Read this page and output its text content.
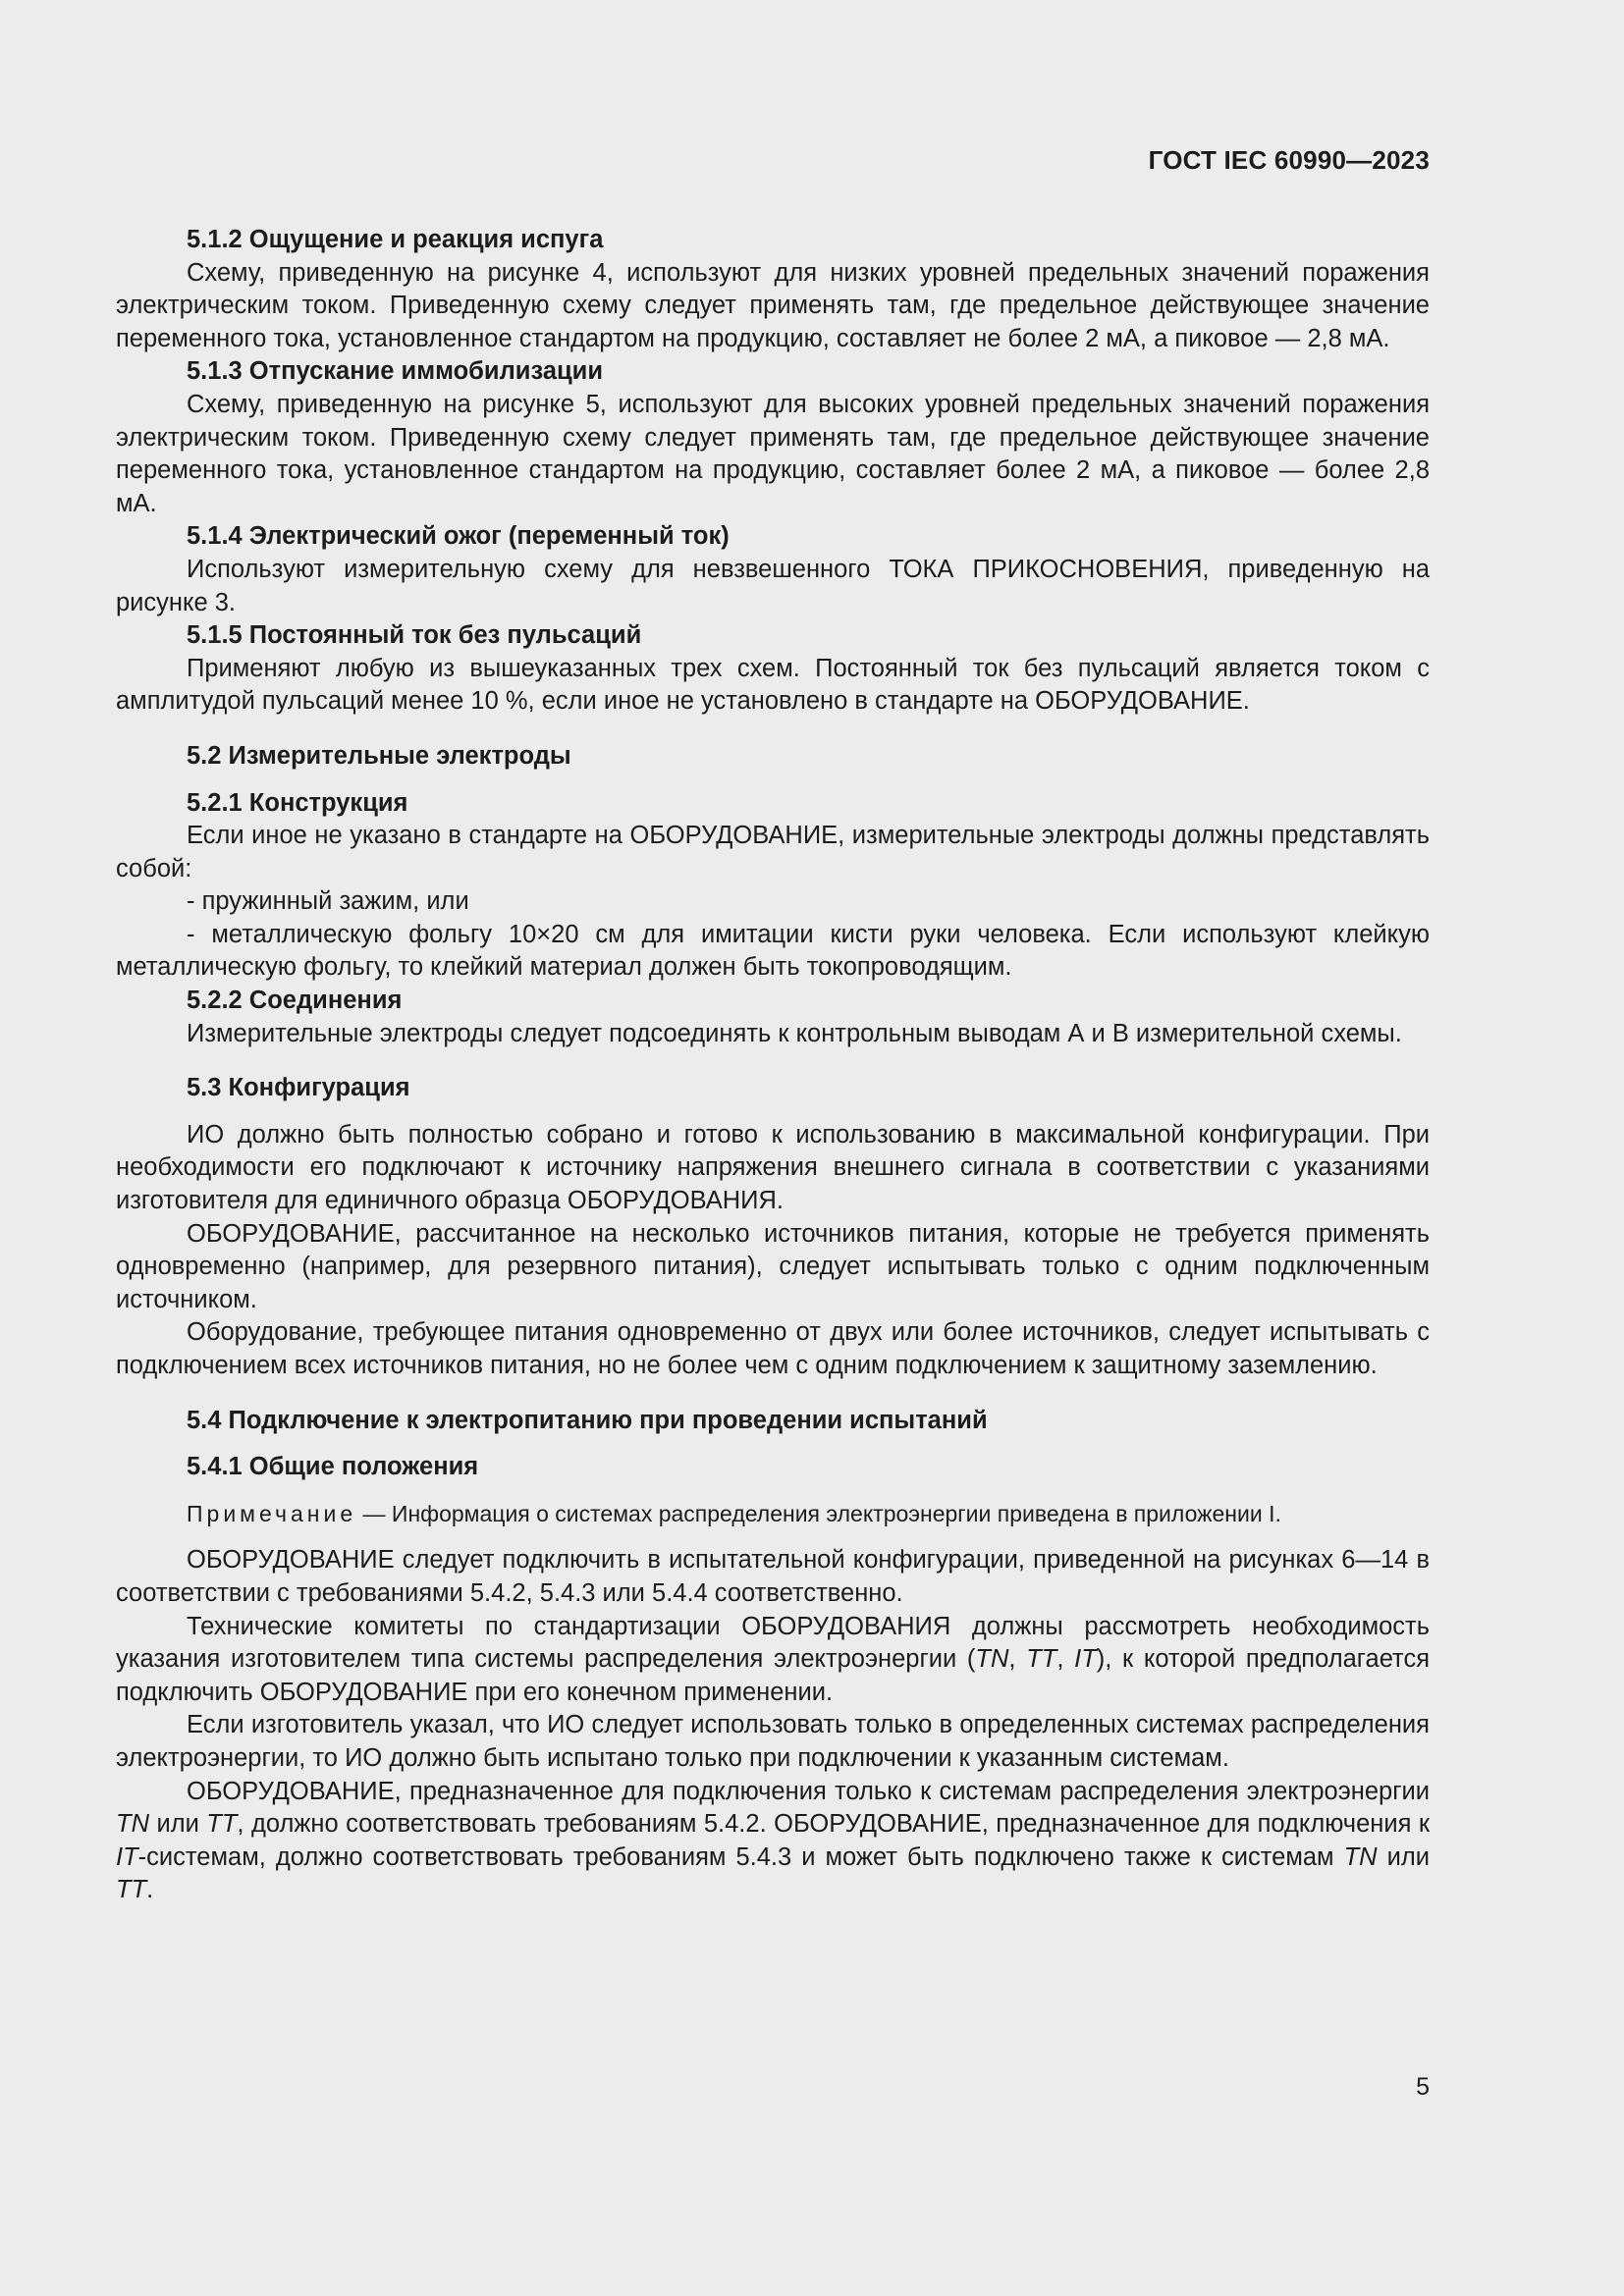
ГОСТ IEC 60990—2023

5.1.2 Ощущение и реакция испуга

Схему, приведенную на рисунке 4, используют для низких уровней предельных значений поражения электрическим током. Приведенную схему следует применять там, где предельное действующее значение переменного тока, установленное стандартом на продукцию, составляет не более 2 мА, а пиковое — 2,8 мА.

5.1.3 Отпускание иммобилизации

Схему, приведенную на рисунке 5, используют для высоких уровней предельных значений поражения электрическим током. Приведенную схему следует применять там, где предельное действующее значение переменного тока, установленное стандартом на продукцию, составляет более 2 мА, а пиковое — более 2,8 мА.

5.1.4 Электрический ожог (переменный ток)

Используют измерительную схему для невзвешенного ТОКА ПРИКОСНОВЕНИЯ, приведенную на рисунке 3.

5.1.5 Постоянный ток без пульсаций

Применяют любую из вышеуказанных трех схем. Постоянный ток без пульсаций является током с амплитудой пульсаций менее 10 %, если иное не установлено в стандарте на ОБОРУДОВАНИЕ.

5.2 Измерительные электроды

5.2.1 Конструкция

Если иное не указано в стандарте на ОБОРУДОВАНИЕ, измерительные электроды должны представлять собой:

- пружинный зажим, или

- металлическую фольгу 10×20 см для имитации кисти руки человека. Если используют клейкую металлическую фольгу, то клейкий материал должен быть токопроводящим.

5.2.2 Соединения

Измерительные электроды следует подсоединять к контрольным выводам А и В измерительной схемы.

5.3 Конфигурация

ИО должно быть полностью собрано и готово к использованию в максимальной конфигурации. При необходимости его подключают к источнику напряжения внешнего сигнала в соответствии с указаниями изготовителя для единичного образца ОБОРУДОВАНИЯ.

ОБОРУДОВАНИЕ, рассчитанное на несколько источников питания, которые не требуется применять одновременно (например, для резервного питания), следует испытывать только с одним подключенным источником.

Оборудование, требующее питания одновременно от двух или более источников, следует испытывать с подключением всех источников питания, но не более чем с одним подключением к защитному заземлению.

5.4 Подключение к электропитанию при проведении испытаний

5.4.1 Общие положения

Примечание — Информация о системах распределения электроэнергии приведена в приложении I.

ОБОРУДОВАНИЕ следует подключить в испытательной конфигурации, приведенной на рисунках 6—14 в соответствии с требованиями 5.4.2, 5.4.3 или 5.4.4 соответственно.

Технические комитеты по стандартизации ОБОРУДОВАНИЯ должны рассмотреть необходимость указания изготовителем типа системы распределения электроэнергии (TN, TT, IT), к которой предполагается подключить ОБОРУДОВАНИЕ при его конечном применении.

Если изготовитель указал, что ИО следует использовать только в определенных системах распределения электроэнергии, то ИО должно быть испытано только при подключении к указанным системам.

ОБОРУДОВАНИЕ, предназначенное для подключения только к системам распределения электроэнергии TN или TT, должно соответствовать требованиям 5.4.2. ОБОРУДОВАНИЕ, предназначенное для подключения к IT-системам, должно соответствовать требованиям 5.4.3 и может быть подключено также к системам TN или TT.

5
